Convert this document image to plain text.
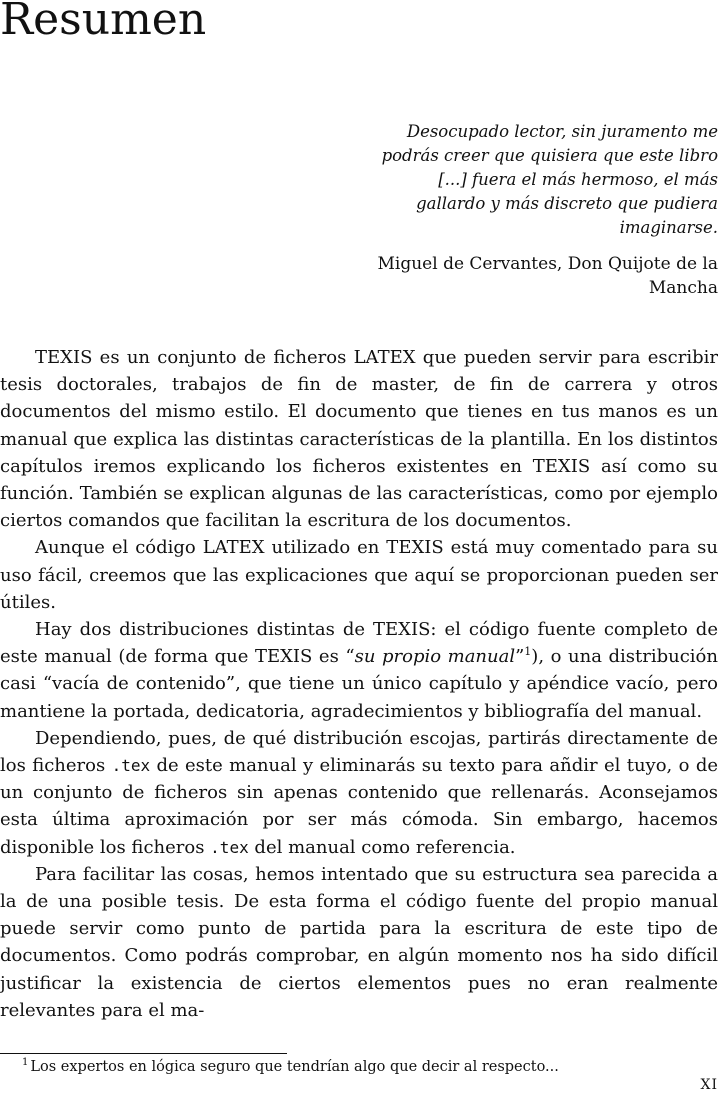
Resumen

Desocupado lector, sin juramento me podrás creer que quisiera que este libro [...] fuera el más hermoso, el más gallardo y más discreto que pudiera imaginarse.

Miguel de Cervantes, Don Quijote de la Mancha

TEXIS es un conjunto de ficheros LATEX que pueden servir para escribir tesis doctorales, trabajos de fin de master, de fin de carrera y otros documentos del mismo estilo. El documento que tienes en tus manos es un manual que explica las distintas características de la plantilla. En los distintos capítulos iremos explicando los ficheros existentes en TEXIS así como su función. También se explican algunas de las características, como por ejemplo ciertos comandos que facilitan la escritura de los documentos.

Aunque el código LATEX utilizado en TEXIS está muy comentado para su uso fácil, creemos que las explicaciones que aquí se proporcionan pueden ser útiles.

Hay dos distribuciones distintas de TEXIS: el código fuente completo de este manual (de forma que TEXIS es “su propio manual”$^1$), o una distribución casi “vacía de contenido”, que tiene un único capítulo y apéndice vacío, pero mantiene la portada, dedicatoria, agradecimientos y bibliografía del manual.

Dependiendo, pues, de qué distribución escojas, partirás directamente de los ficheros .tex de este manual y eliminarás su texto para añdir el tuyo, o de un conjunto de ficheros sin apenas contenido que rellenarás. Aconsejamos esta última aproximación por ser más cómoda. Sin embargo, hacemos disponible los ficheros .tex del manual como referencia.

Para facilitar las cosas, hemos intentado que su estructura sea parecida a la de una posible tesis. De esta forma el código fuente del propio manual puede servir como punto de partida para la escritura de este tipo de documentos. Como podrás comprobar, en algún momento nos ha sido difícil justificar la existencia de ciertos elementos pues no eran realmente relevantes para el ma-

$^1$ Los expertos en lógica seguro que tendrían algo que decir al respecto...
XI
